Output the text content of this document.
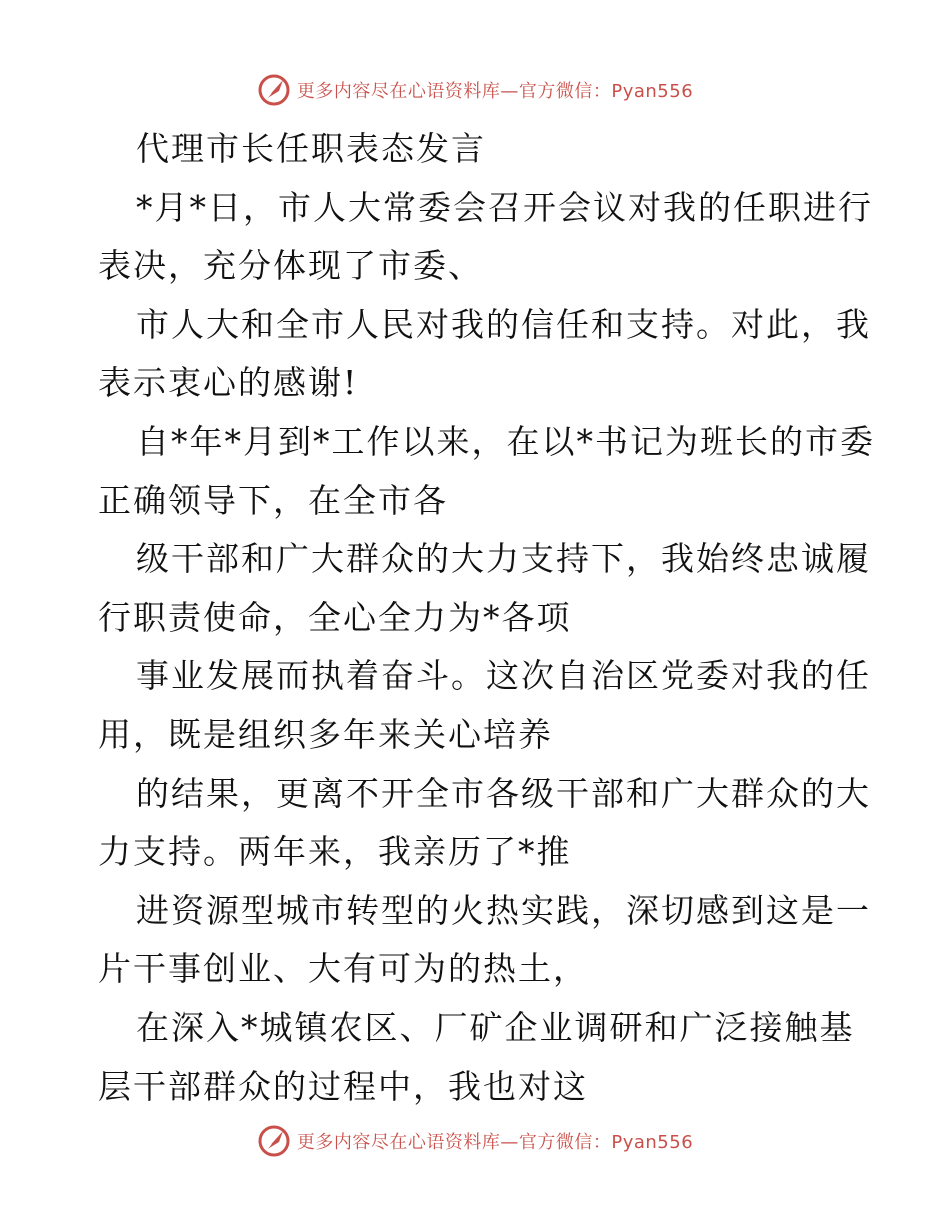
更多内容尽在心语资料库—官方微信：Pyan556
代理市长任职表态发言
*月*日，市人大常委会召开会议对我的任职进行
表决，充分体现了市委、
市人大和全市人民对我的信任和支持。对此，我
表示衷心的感谢!
自*年*月到*工作以来，在以*书记为班长的市委
正确领导下，在全市各
级干部和广大群众的大力支持下，我始终忠诚履
行职责使命，全心全力为*各项
事业发展而执着奋斗。这次自治区党委对我的任
用，既是组织多年来关心培养
的结果，更离不开全市各级干部和广大群众的大
力支持。两年来，我亲历了*推
进资源型城市转型的火热实践，深切感到这是一
片干事创业、大有可为的热土，
在深入*城镇农区、厂矿企业调研和广泛接触基
层干部群众的过程中，我也对这
更多内容尽在心语资料库—官方微信：Pyan556
